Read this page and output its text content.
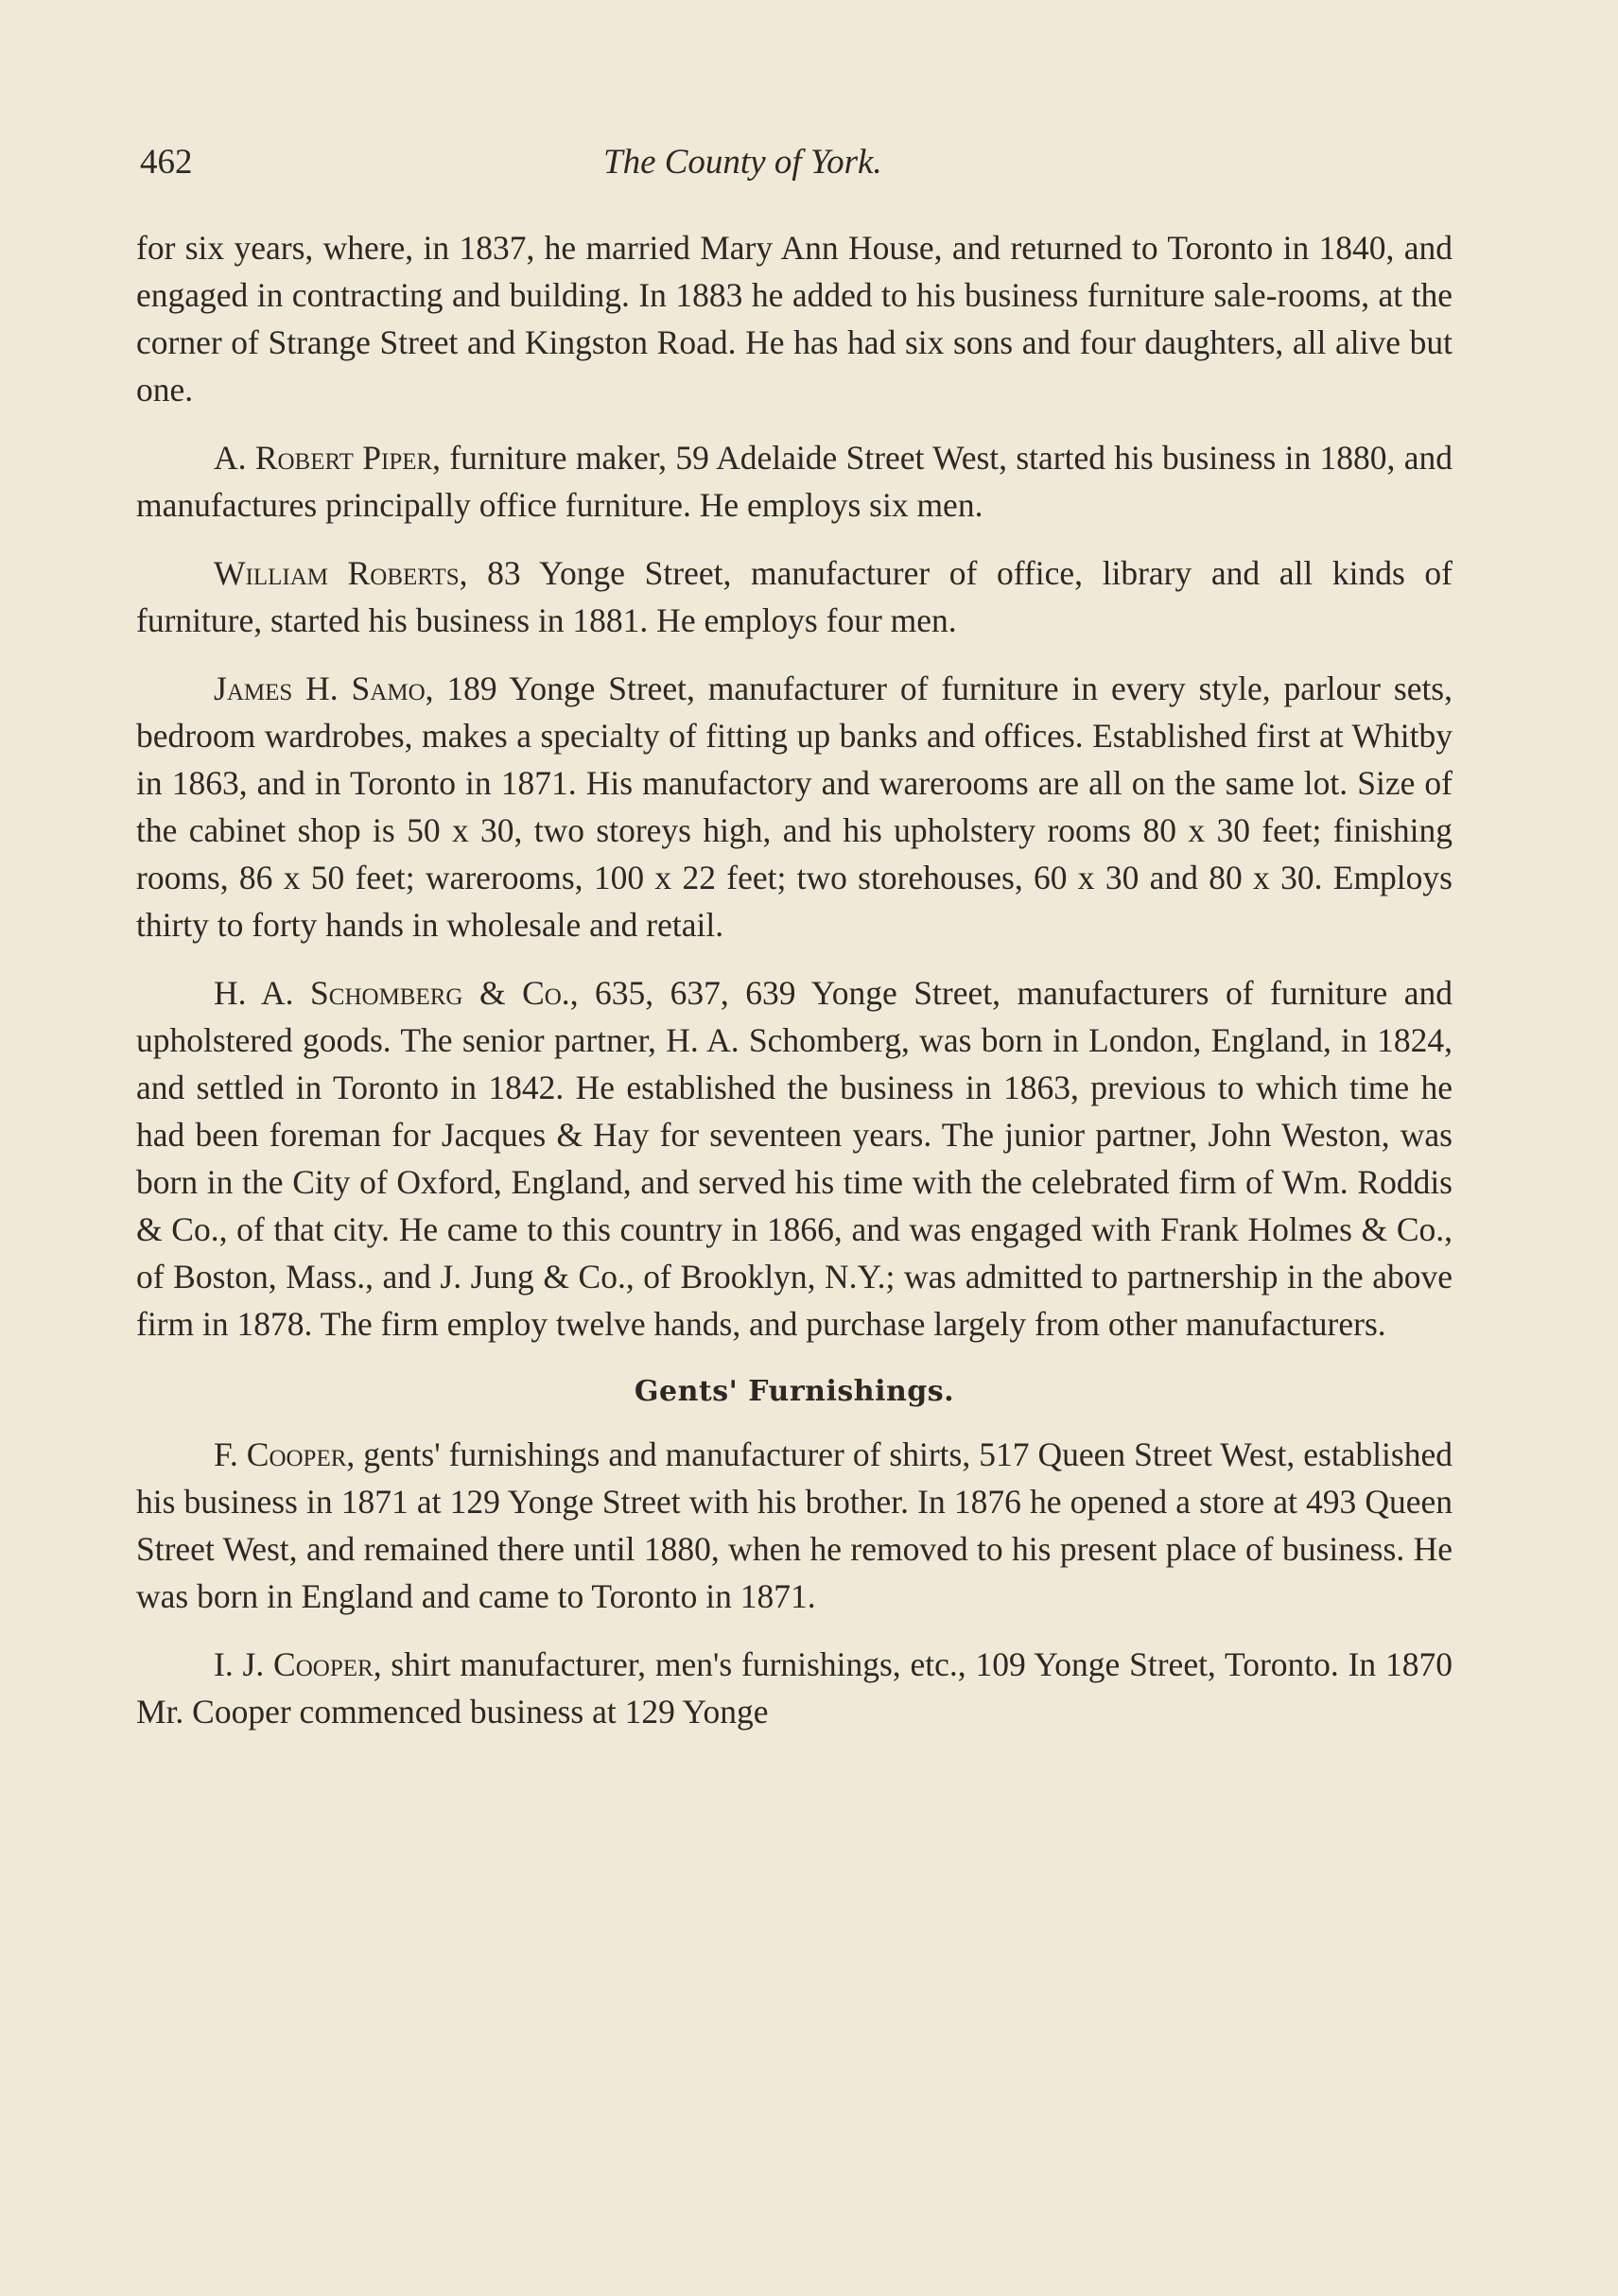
462	The County of York.

for six years, where, in 1837, he married Mary Ann House, and returned to Toronto in 1840, and engaged in contracting and building. In 1883 he added to his business furniture sale-rooms, at the corner of Strange Street and Kingston Road. He has had six sons and four daughters, all alive but one.

A. Robert Piper, furniture maker, 59 Adelaide Street West, started his business in 1880, and manufactures principally office furniture. He employs six men.

William Roberts, 83 Yonge Street, manufacturer of office, library and all kinds of furniture, started his business in 1881. He employs four men.

James H. Samo, 189 Yonge Street, manufacturer of furniture in every style, parlour sets, bedroom wardrobes, makes a specialty of fitting up banks and offices. Established first at Whitby in 1863, and in Toronto in 1871. His manufactory and warerooms are all on the same lot. Size of the cabinet shop is 50 x 30, two storeys high, and his upholstery rooms 80 x 30 feet; finishing rooms, 86 x 50 feet; warerooms, 100 x 22 feet; two storehouses, 60 x 30 and 80 x 30. Employs thirty to forty hands in wholesale and retail.

H. A. Schomberg & Co., 635, 637, 639 Yonge Street, manufacturers of furniture and upholstered goods. The senior partner, H. A. Schomberg, was born in London, England, in 1824, and settled in Toronto in 1842. He established the business in 1863, previous to which time he had been foreman for Jacques & Hay for seventeen years. The junior partner, John Weston, was born in the City of Oxford, England, and served his time with the celebrated firm of Wm. Roddis & Co., of that city. He came to this country in 1866, and was engaged with Frank Holmes & Co., of Boston, Mass., and J. Jung & Co., of Brooklyn, N.Y.; was admitted to partnership in the above firm in 1878. The firm employ twelve hands, and purchase largely from other manufacturers.

Gents' Furnishings.

F. Cooper, gents' furnishings and manufacturer of shirts, 517 Queen Street West, established his business in 1871 at 129 Yonge Street with his brother. In 1876 he opened a store at 493 Queen Street West, and remained there until 1880, when he removed to his present place of business. He was born in England and came to Toronto in 1871.

I. J. Cooper, shirt manufacturer, men's furnishings, etc., 109 Yonge Street, Toronto. In 1870 Mr. Cooper commenced business at 129 Yonge
